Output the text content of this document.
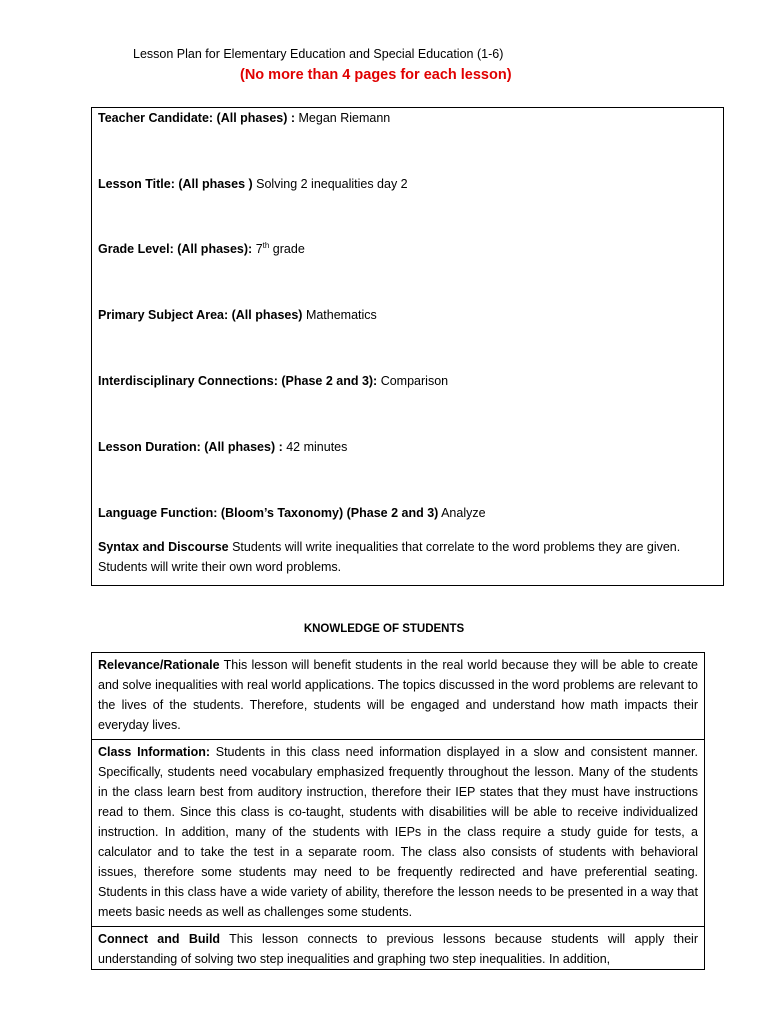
Lesson Plan for Elementary Education and Special Education (1-6)
(No more than 4 pages for each lesson)
Teacher Candidate: (All phases) : Megan Riemann
Lesson Title: (All phases ) Solving 2 inequalities day 2
Grade Level: (All phases): 7th grade
Primary Subject Area: (All phases) Mathematics
Interdisciplinary Connections: (Phase 2 and 3): Comparison
Lesson Duration: (All phases) : 42 minutes
Language Function: (Bloom’s Taxonomy) (Phase 2 and 3) Analyze
Syntax and Discourse Students will write inequalities that correlate to the word problems they are given. Students will write their own word problems.
KNOWLEDGE OF STUDENTS
Relevance/Rationale This lesson will benefit students in the real world because they will be able to create and solve inequalities with real world applications. The topics discussed in the word problems are relevant to the lives of the students. Therefore, students will be engaged and understand how math impacts their everyday lives.
Class Information: Students in this class need information displayed in a slow and consistent manner. Specifically, students need vocabulary emphasized frequently throughout the lesson. Many of the students in the class learn best from auditory instruction, therefore their IEP states that they must have instructions read to them. Since this class is co-taught, students with disabilities will be able to receive individualized instruction. In addition, many of the students with IEPs in the class require a study guide for tests, a calculator and to take the test in a separate room. The class also consists of students with behavioral issues, therefore some students may need to be frequently redirected and have preferential seating. Students in this class have a wide variety of ability, therefore the lesson needs to be presented in a way that meets basic needs as well as challenges some students.
Connect and Build This lesson connects to previous lessons because students will apply their understanding of solving two step inequalities and graphing two step inequalities. In addition,
